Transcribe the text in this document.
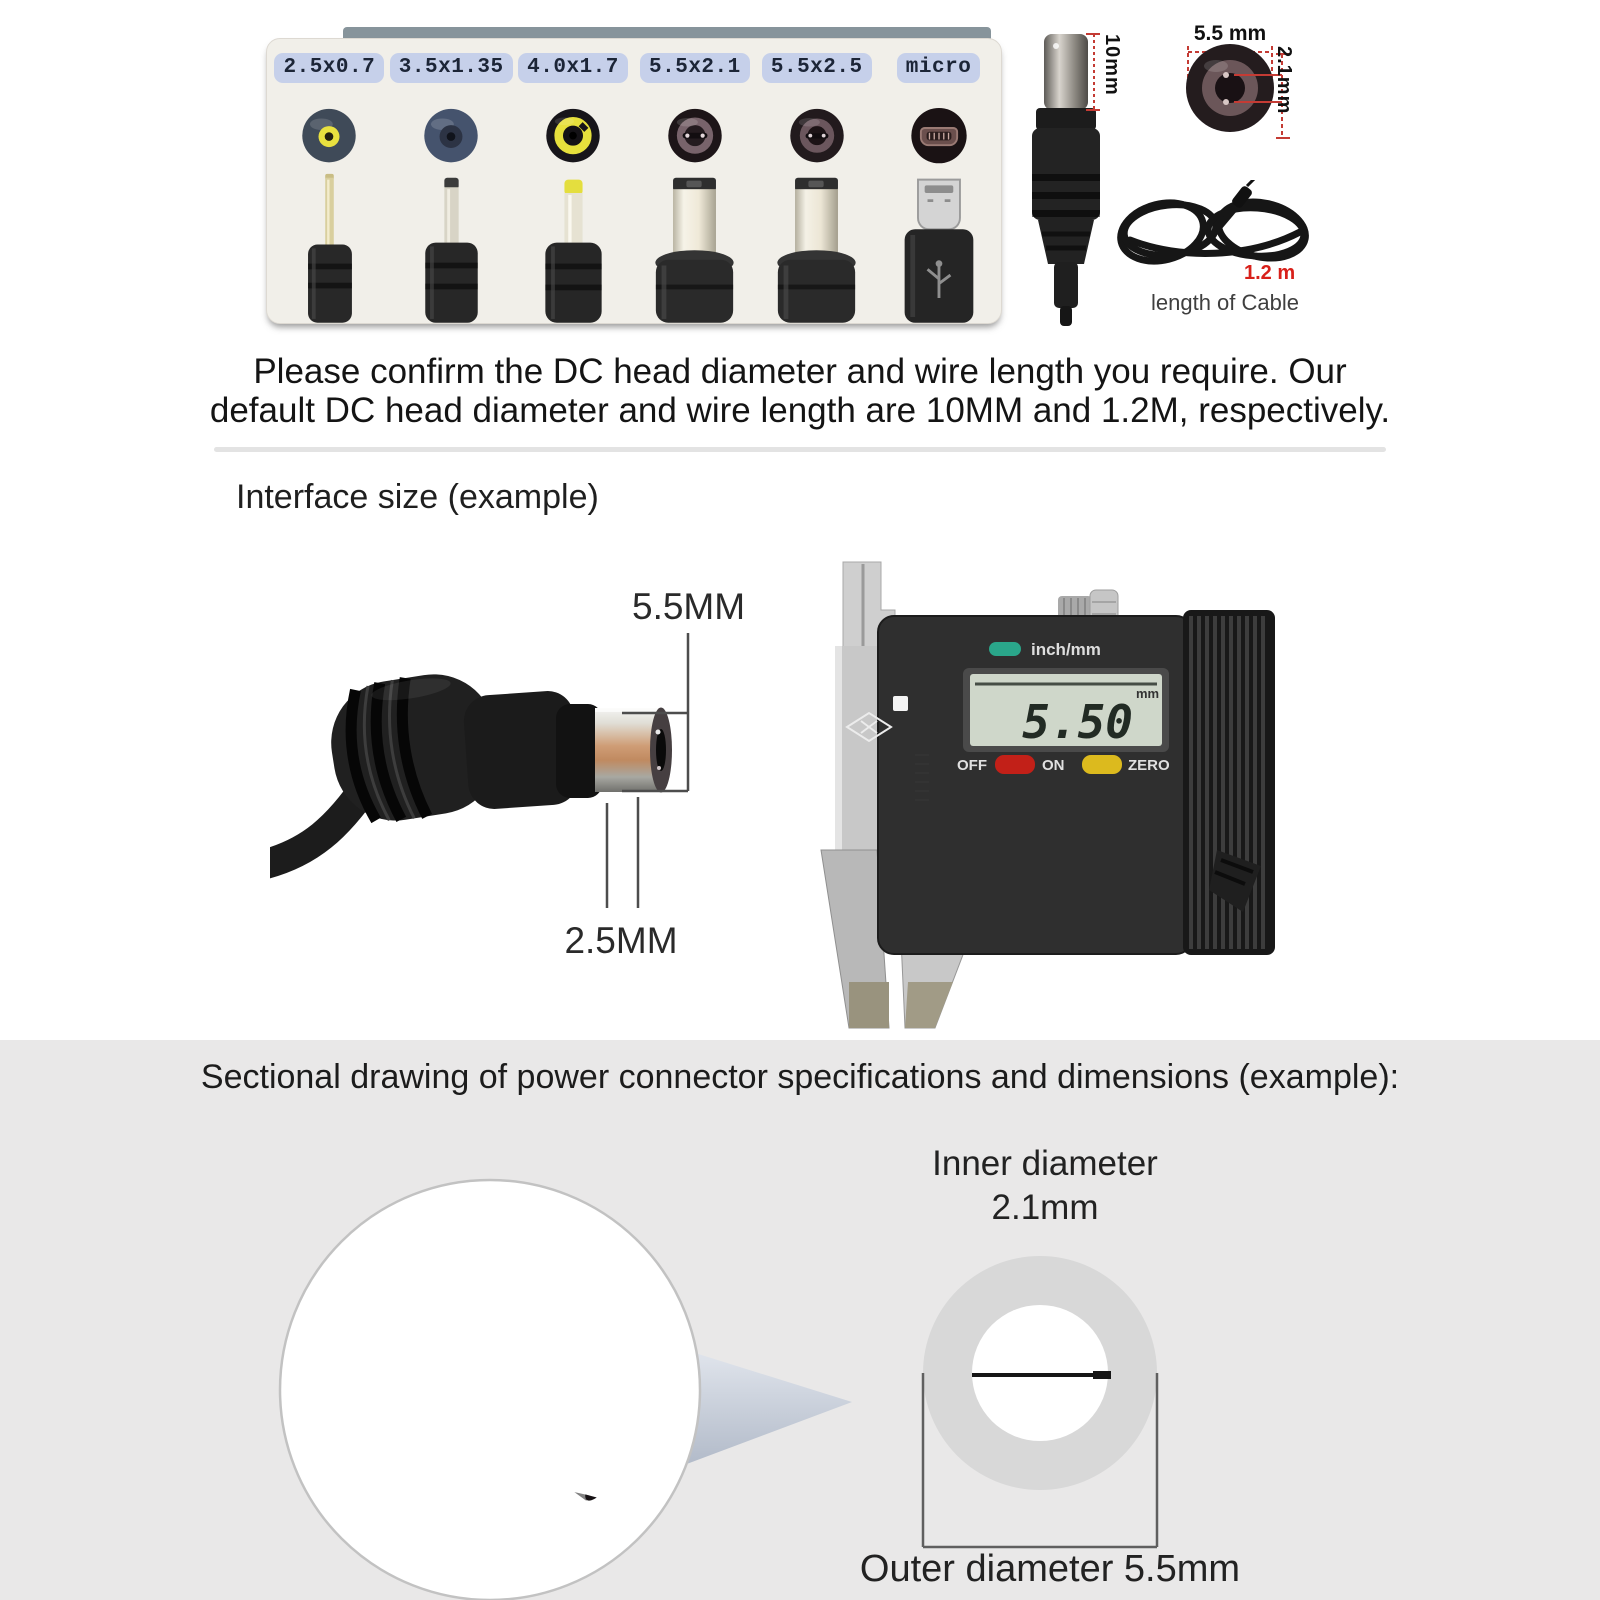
2.5x0.7	3.5x1.35	4.0x1.7	5.5x2.1	5.5x2.5	micro	10mm
5.5 mm
2.1mm
1.2 m
length of Cable
Please confirm the DC head diameter and wire length you require. Our
default DC head diameter and wire length are 10MM and 1.2M, respectively.
Interface size (example)
5.5MM
2.5MM
inch/mm
5.50
mm
OFF	ON	ZERO
Sectional drawing of power connector specifications and dimensions (example):
Inner diameter
2.1mm
Outer diameter 5.5mm
